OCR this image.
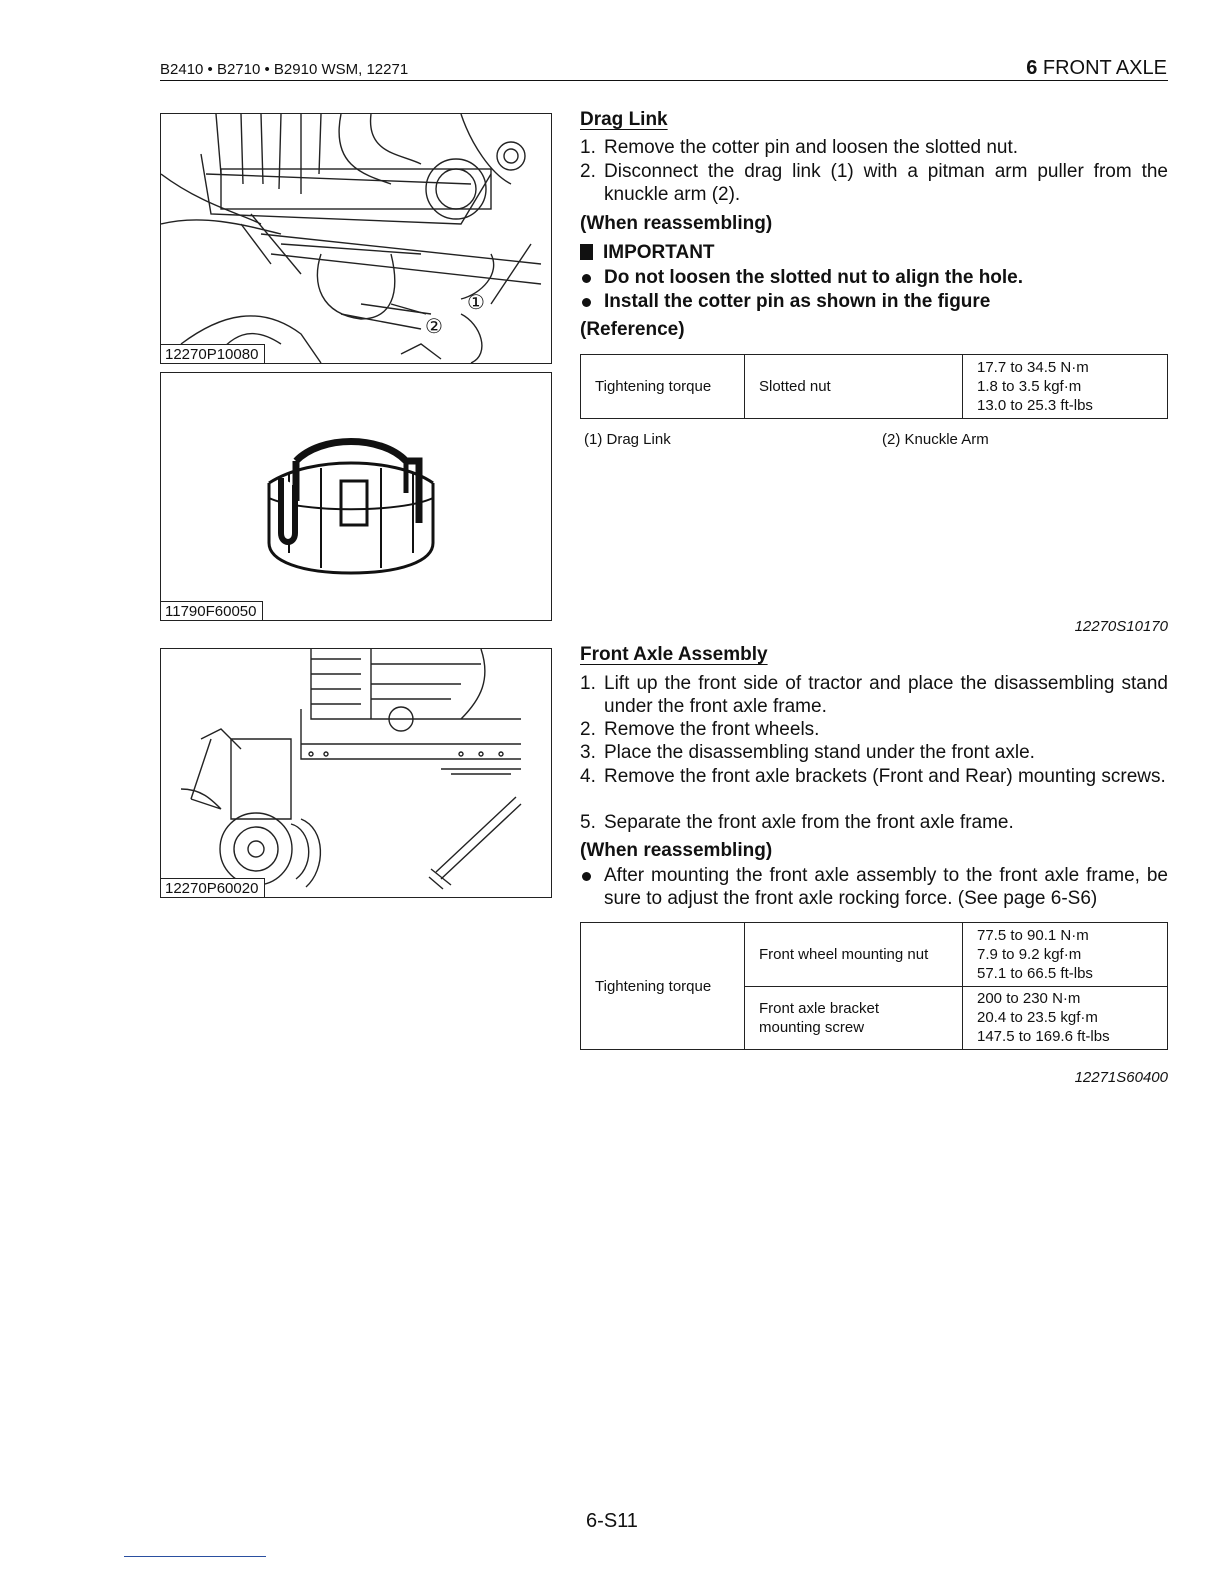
B2410 • B2710 • B2910 WSM, 12271	6 FRONT AXLE
①
②
12270P10080
11790F60050
12270P60020
Drag Link
1. Remove the cotter pin and loosen the slotted nut.
2. Disconnect the drag link (1) with a pitman arm puller from the knuckle arm (2).
(When reassembling)
IMPORTANT
Do not loosen the slotted nut to align the hole.
Install the cotter pin as shown in the figure
(Reference)
Tightening torque	Slotted nut	
17.7 to 34.5 N·m
1.8 to 3.5 kgf·m
13.0 to 25.3 ft-lbs
(1) Drag Link	(2) Knuckle Arm
12270S10170
Front Axle Assembly
1. Lift up the front side of tractor and place the disassembling stand under the front axle frame.
2. Remove the front wheels.
3. Place the disassembling stand under the front axle.
4. Remove the front axle brackets (Front and Rear) mounting screws.
5. Separate the front axle from the front axle frame.
(When reassembling)
After mounting the front axle assembly to the front axle frame, be sure to adjust the front axle rocking force. (See page 6-S6)
Tightening torque	Front wheel mounting nut	77.5 to 90.1 N·m
7.9 to 9.2 kgf·m
57.1 to 66.5 ft-lbs

	Front axle bracket mounting screw	200 to 230 N·m
20.4 to 23.5 kgf·m
147.5 to 169.6 ft-lbs
12271S60400
6-S11
